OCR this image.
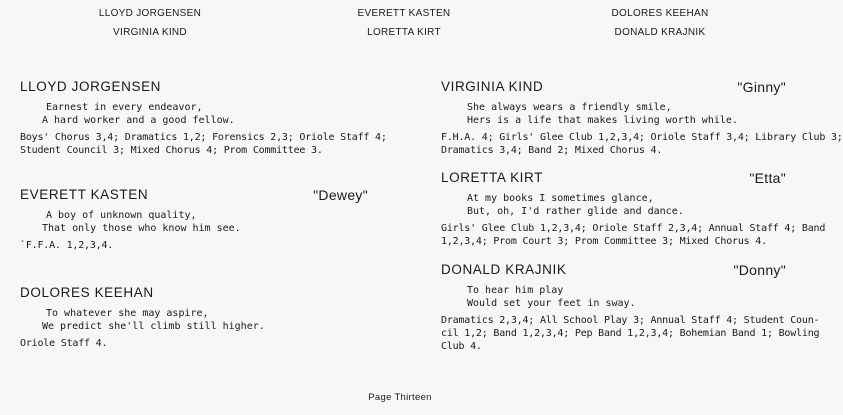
LLOYD JORGENSEN
VIRGINIA KIND
EVERETT KASTEN
LORETTA KIRT
DOLORES KEEHAN
DONALD KRAJNIK
LLOYD JORGENSEN
Earnest in every endeavor,
A hard worker and a good fellow.
Boys' Chorus 3,4; Dramatics 1,2; Forensics 2,3; Oriole Staff 4;
Student Council 3; Mixed Chorus 4; Prom Committee 3.
EVERETT KASTEN	"Dewey"
A boy of unknown quality,
That only those who know him see.
`F.F.A. 1,2,3,4.
DOLORES KEEHAN
To whatever she may aspire,
We predict she'll climb still higher.
Oriole Staff 4.
VIRGINIA KIND	"Ginny"
She always wears a friendly smile,
Hers is a life that makes living worth while.
F.H.A. 4; Girls' Glee Club 1,2,3,4; Oriole Staff 3,4; Library Club 3;
Dramatics 3,4; Band 2; Mixed Chorus 4.
LORETTA KIRT	"Etta"
At my books I sometimes glance,
But, oh, I'd rather glide and dance.
Girls' Glee Club 1,2,3,4; Oriole Staff 2,3,4; Annual Staff 4; Band
1,2,3,4; Prom Court 3; Prom Committee 3; Mixed Chorus 4.
DONALD KRAJNIK	"Donny"
To hear him play
Would set your feet in sway.
Dramatics 2,3,4; All School Play 3; Annual Staff 4; Student Coun-
cil 1,2; Band 1,2,3,4; Pep Band 1,2,3,4; Bohemian Band 1; Bowling
Club 4.
Page Thirteen
